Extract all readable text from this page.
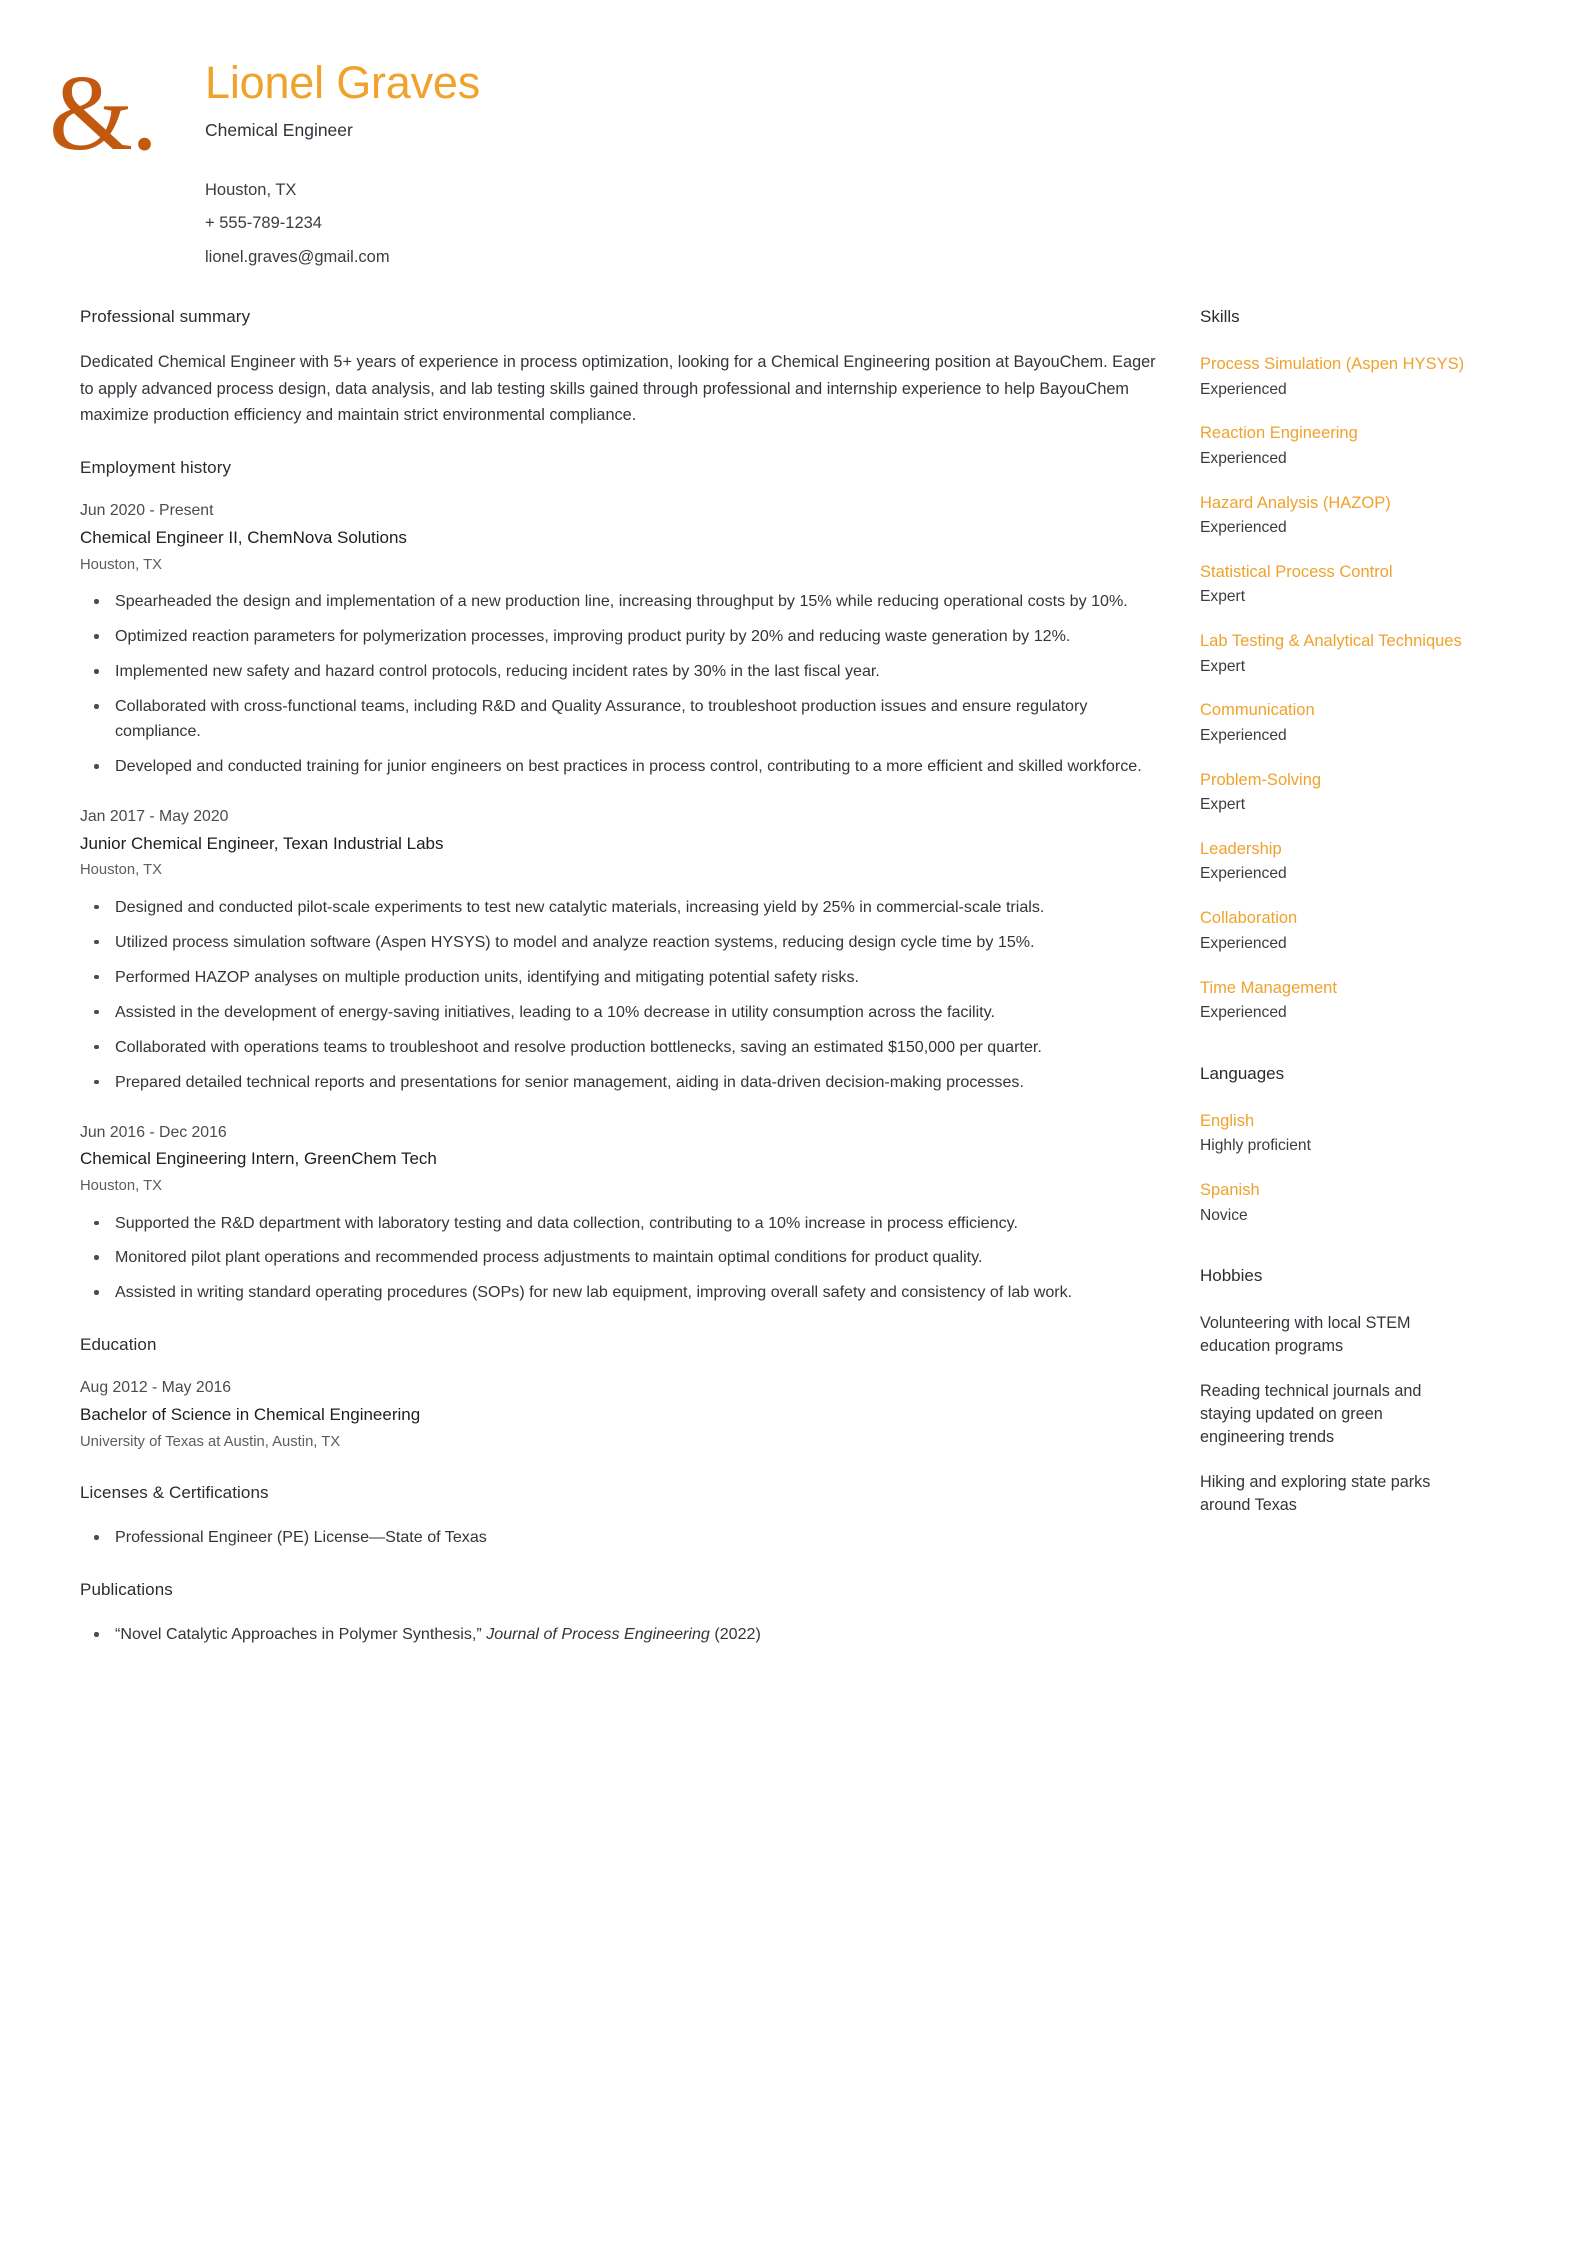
&. Lionel Graves
Chemical Engineer
Houston, TX
+ 555-789-1234
lionel.graves@gmail.com
Professional summary
Dedicated Chemical Engineer with 5+ years of experience in process optimization, looking for a Chemical Engineering position at BayouChem. Eager to apply advanced process design, data analysis, and lab testing skills gained through professional and internship experience to help BayouChem maximize production efficiency and maintain strict environmental compliance.
Employment history
Jun 2020 - Present
Chemical Engineer II, ChemNova Solutions
Houston, TX
Spearheaded the design and implementation of a new production line, increasing throughput by 15% while reducing operational costs by 10%.
Optimized reaction parameters for polymerization processes, improving product purity by 20% and reducing waste generation by 12%.
Implemented new safety and hazard control protocols, reducing incident rates by 30% in the last fiscal year.
Collaborated with cross-functional teams, including R&D and Quality Assurance, to troubleshoot production issues and ensure regulatory compliance.
Developed and conducted training for junior engineers on best practices in process control, contributing to a more efficient and skilled workforce.
Jan 2017 - May 2020
Junior Chemical Engineer, Texan Industrial Labs
Houston, TX
Designed and conducted pilot-scale experiments to test new catalytic materials, increasing yield by 25% in commercial-scale trials.
Utilized process simulation software (Aspen HYSYS) to model and analyze reaction systems, reducing design cycle time by 15%.
Performed HAZOP analyses on multiple production units, identifying and mitigating potential safety risks.
Assisted in the development of energy-saving initiatives, leading to a 10% decrease in utility consumption across the facility.
Collaborated with operations teams to troubleshoot and resolve production bottlenecks, saving an estimated $150,000 per quarter.
Prepared detailed technical reports and presentations for senior management, aiding in data-driven decision-making processes.
Jun 2016 - Dec 2016
Chemical Engineering Intern, GreenChem Tech
Houston, TX
Supported the R&D department with laboratory testing and data collection, contributing to a 10% increase in process efficiency.
Monitored pilot plant operations and recommended process adjustments to maintain optimal conditions for product quality.
Assisted in writing standard operating procedures (SOPs) for new lab equipment, improving overall safety and consistency of lab work.
Education
Aug 2012 - May 2016
Bachelor of Science in Chemical Engineering
University of Texas at Austin, Austin, TX
Licenses & Certifications
Professional Engineer (PE) License—State of Texas
Publications
“Novel Catalytic Approaches in Polymer Synthesis,” Journal of Process Engineering (2022)
Skills
Process Simulation (Aspen HYSYS)
Experienced
Reaction Engineering
Experienced
Hazard Analysis (HAZOP)
Experienced
Statistical Process Control
Expert
Lab Testing & Analytical Techniques
Expert
Communication
Experienced
Problem-Solving
Expert
Leadership
Experienced
Collaboration
Experienced
Time Management
Experienced
Languages
English
Highly proficient
Spanish
Novice
Hobbies
Volunteering with local STEM education programs
Reading technical journals and staying updated on green engineering trends
Hiking and exploring state parks around Texas
